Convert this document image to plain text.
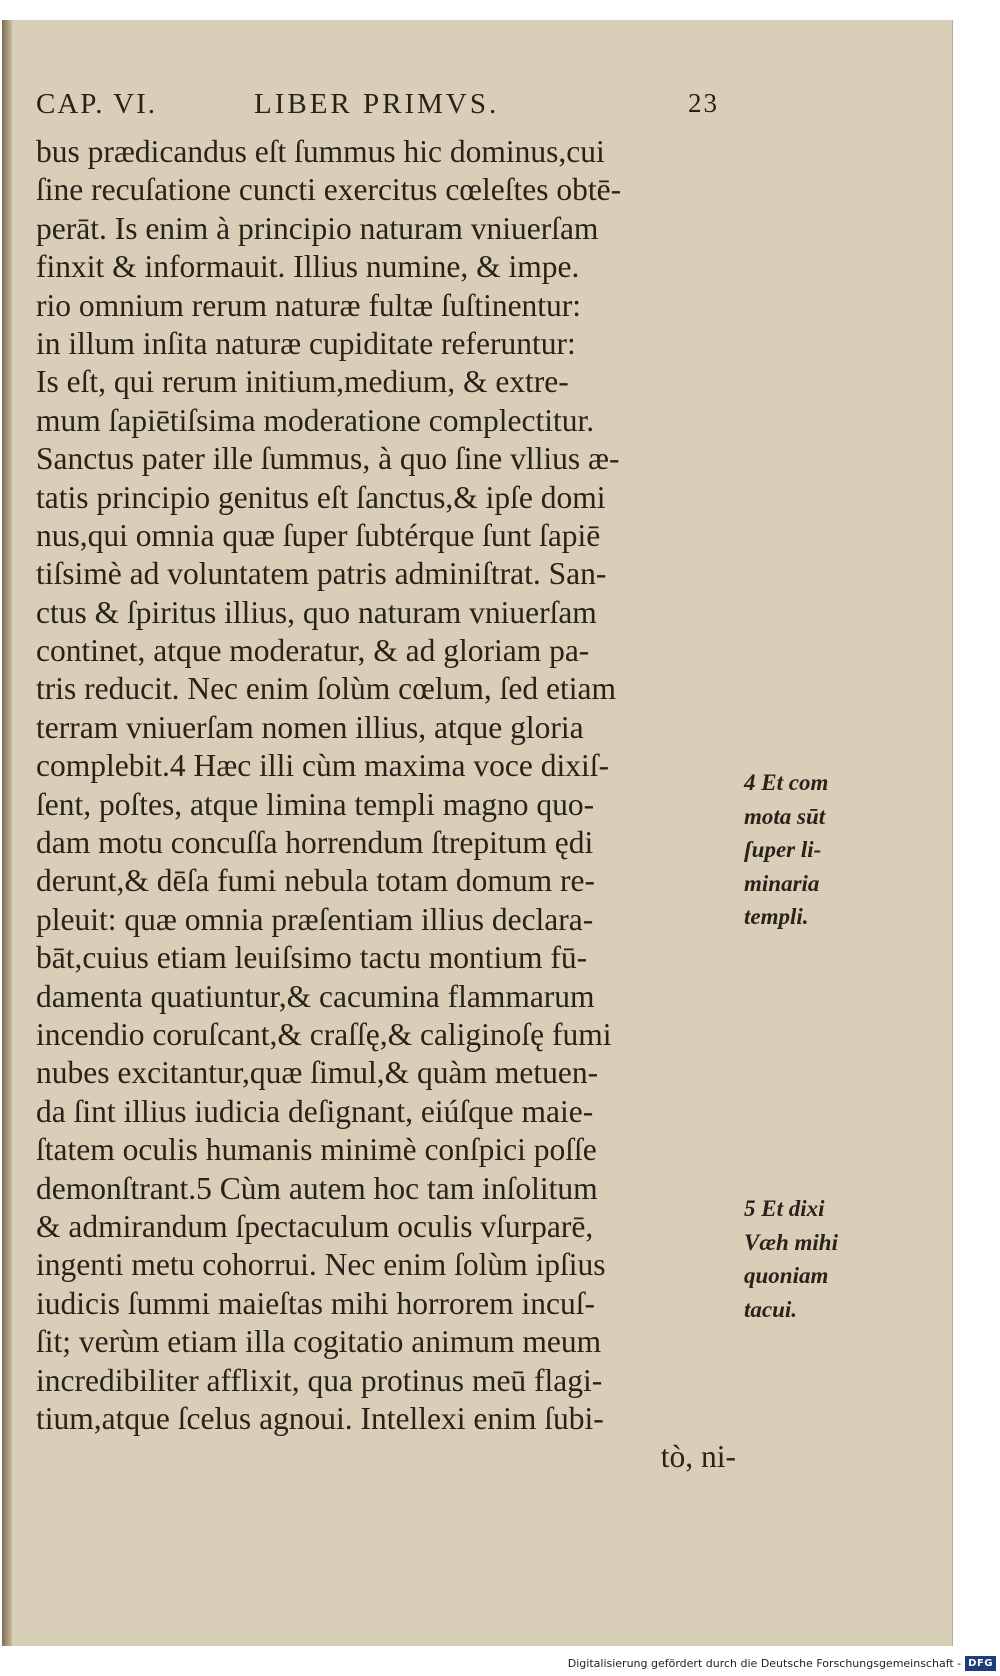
CAP. VI.	LIBER PRIMVS.	23
bus prædicandus eſt ſummus hic dominus,cui
ſine recuſatione cuncti exercitus cœleſtes obtē-
perāt. Is enim à principio naturam vniuerſam
finxit & informauit. Illius numine, & impe.
rio omnium rerum naturæ fultæ ſuſtinentur:
in illum inſita naturæ cupiditate referuntur:
Is eſt, qui rerum initium,medium, & extre-
mum ſapiētiſsima moderatione complectitur.
Sanctus pater ille ſummus, à quo ſine vllius æ-
tatis principio genitus eſt ſanctus,& ipſe domi
nus,qui omnia quæ ſuper ſubtérque ſunt ſapiē
tiſsimè ad voluntatem patris adminiſtrat. San-
ctus & ſpiritus illius, quo naturam vniuerſam
continet, atque moderatur, & ad gloriam pa-
tris reducit. Nec enim ſolùm cœlum, ſed etiam
terram vniuerſam nomen illius, atque gloria
complebit.4 Hæc illi cùm maxima voce dixiſ-
ſent, poſtes, atque limina templi magno quo-
dam motu concuſſa horrendum ſtrepitum ędi
derunt,& dēſa fumi nebula totam domum re-
pleuit: quæ omnia præſentiam illius declara-
bāt,cuius etiam leuiſsimo tactu montium fū-
damenta quatiuntur,& cacumina flammarum
incendio coruſcant,& craſſę,& caliginoſę fumi
nubes excitantur,quæ ſimul,& quàm metuen-
da ſint illius iudicia deſignant, eiúſque maie-
ſtatem oculis humanis minimè conſpici poſſe
demonſtrant.5 Cùm autem hoc tam inſolitum
& admirandum ſpectaculum oculis vſurparē,
ingenti metu cohorrui. Nec enim ſolùm ipſius
iudicis ſummi maieſtas mihi horrorem incuſ-
ſit; verùm etiam illa cogitatio animum meum
incredibiliter afflixit, qua protinus meū flagi-
tium,atque ſcelus agnoui. Intellexi enim ſubi-
tò, ni-
4 Et com
mota sūt
ſuper li-
minaria
templi.
5 Et dixi
Væh mihi
quoniam
tacui.
Digitalisierung gefördert durch die Deutsche Forschungsgemeinschaft - DFG
